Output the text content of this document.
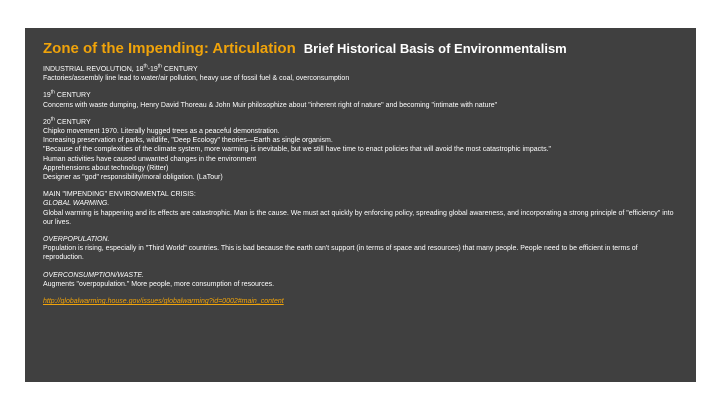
Zone of the Impending: Articulation Brief Historical Basis of Environmentalism
INDUSTRIAL REVOLUTION, 18th-19th CENTURY
Factories/assembly line lead to water/air pollution, heavy use of fossil fuel & coal, overconsumption
19th CENTURY
Concerns with waste dumping, Henry David Thoreau & John Muir philosophize about "inherent right of nature" and becoming "intimate with nature"
20th CENTURY
Chipko movement 1970. Literally hugged trees as a peaceful demonstration.
Increasing preservation of parks, wildlife, "Deep Ecology" theories—Earth as single organism.
"Because of the complexities of the climate system, more warming is inevitable, but we still have time to enact policies that will avoid the most catastrophic impacts."
Human activities have caused unwanted changes in the environment
Apprehensions about technology (Ritter)
Designer as "god" responsibility/moral obligation. (LaTour)
MAIN "IMPENDING" ENVIRONMENTAL CRISIS:
GLOBAL WARMING.
Global warming is happening and its effects are catastrophic. Man is the cause. We must act quickly by enforcing policy, spreading global awareness, and incorporating a strong principle of "efficiency" into our lives.
OVERPOPULATION.
Population is rising, especially in "Third World" countries. This is bad because the earth can't support (in terms of space and resources) that many people. People need to be efficient in terms of reproduction.
OVERCONSUMPTION/WASTE.
Augments "overpopulation." More people, more consumption of resources.
http://globalwarming.house.gov/issues/globalwarming?id=0002#main_content
